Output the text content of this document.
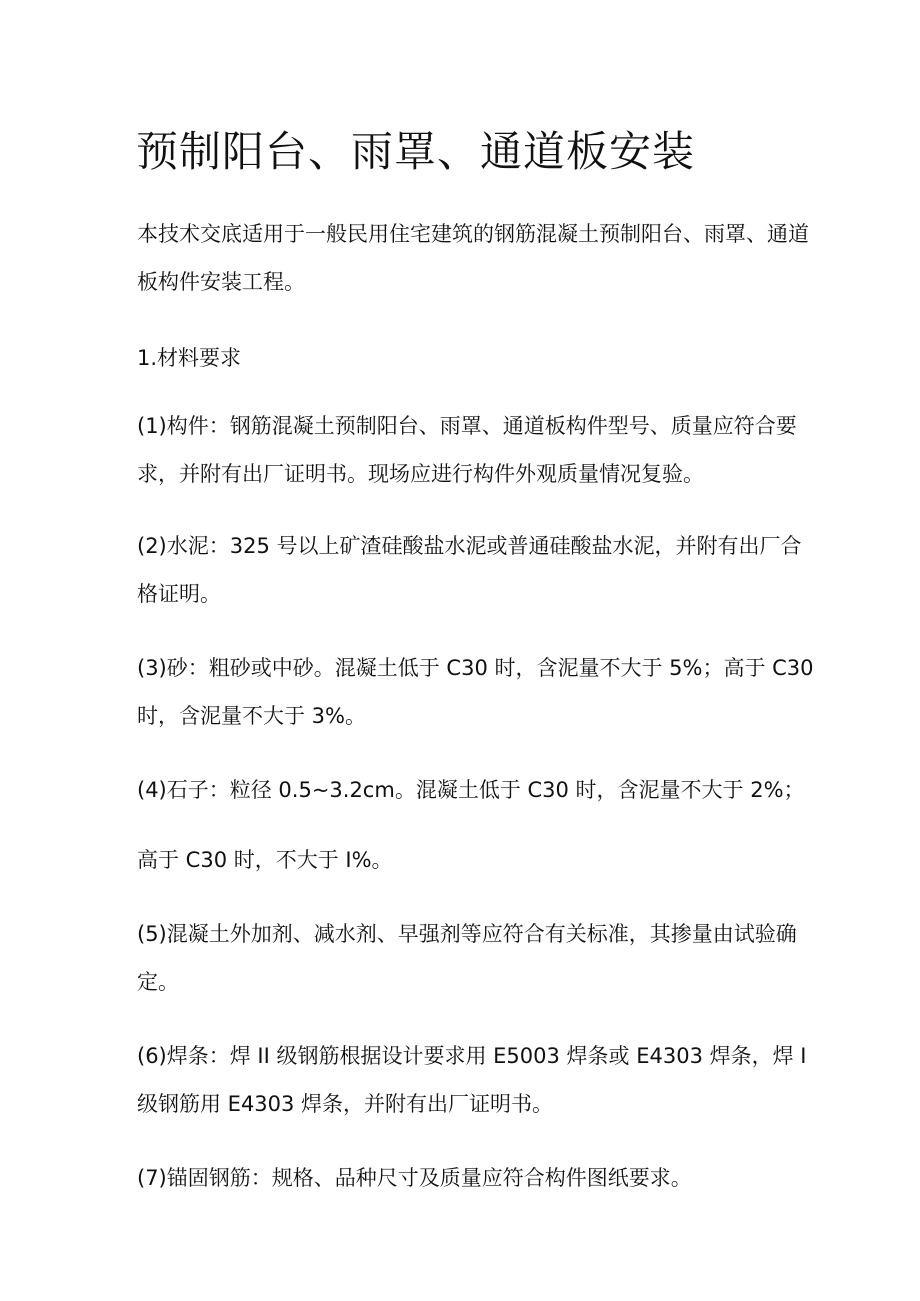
预制阳台、雨罩、通道板安装

本技术交底适用于一般民用住宅建筑的钢筋混凝土预制阳台、雨罩、通道
板构件安装工程。

1.材料要求

(1)构件：钢筋混凝土预制阳台、雨罩、通道板构件型号、质量应符合要
求，并附有出厂证明书。现场应进行构件外观质量情况复验。

(2)水泥：325 号以上矿渣硅酸盐水泥或普通硅酸盐水泥，并附有出厂合
格证明。

(3)砂：粗砂或中砂。混凝土低于 C30 时，含泥量不大于 5%；高于 C30
时，含泥量不大于 3%。

(4)石子：粒径 0.5~3.2cm。混凝土低于 C30 时，含泥量不大于 2%；

高于 C30 时，不大于 I%。

(5)混凝土外加剂、减水剂、早强剂等应符合有关标准，其掺量由试验确
定。

(6)焊条：焊 II 级钢筋根据设计要求用 E5003 焊条或 E4303 焊条，焊 I
级钢筋用 E4303 焊条，并附有出厂证明书。

(7)锚固钢筋：规格、品种尺寸及质量应符合构件图纸要求。
